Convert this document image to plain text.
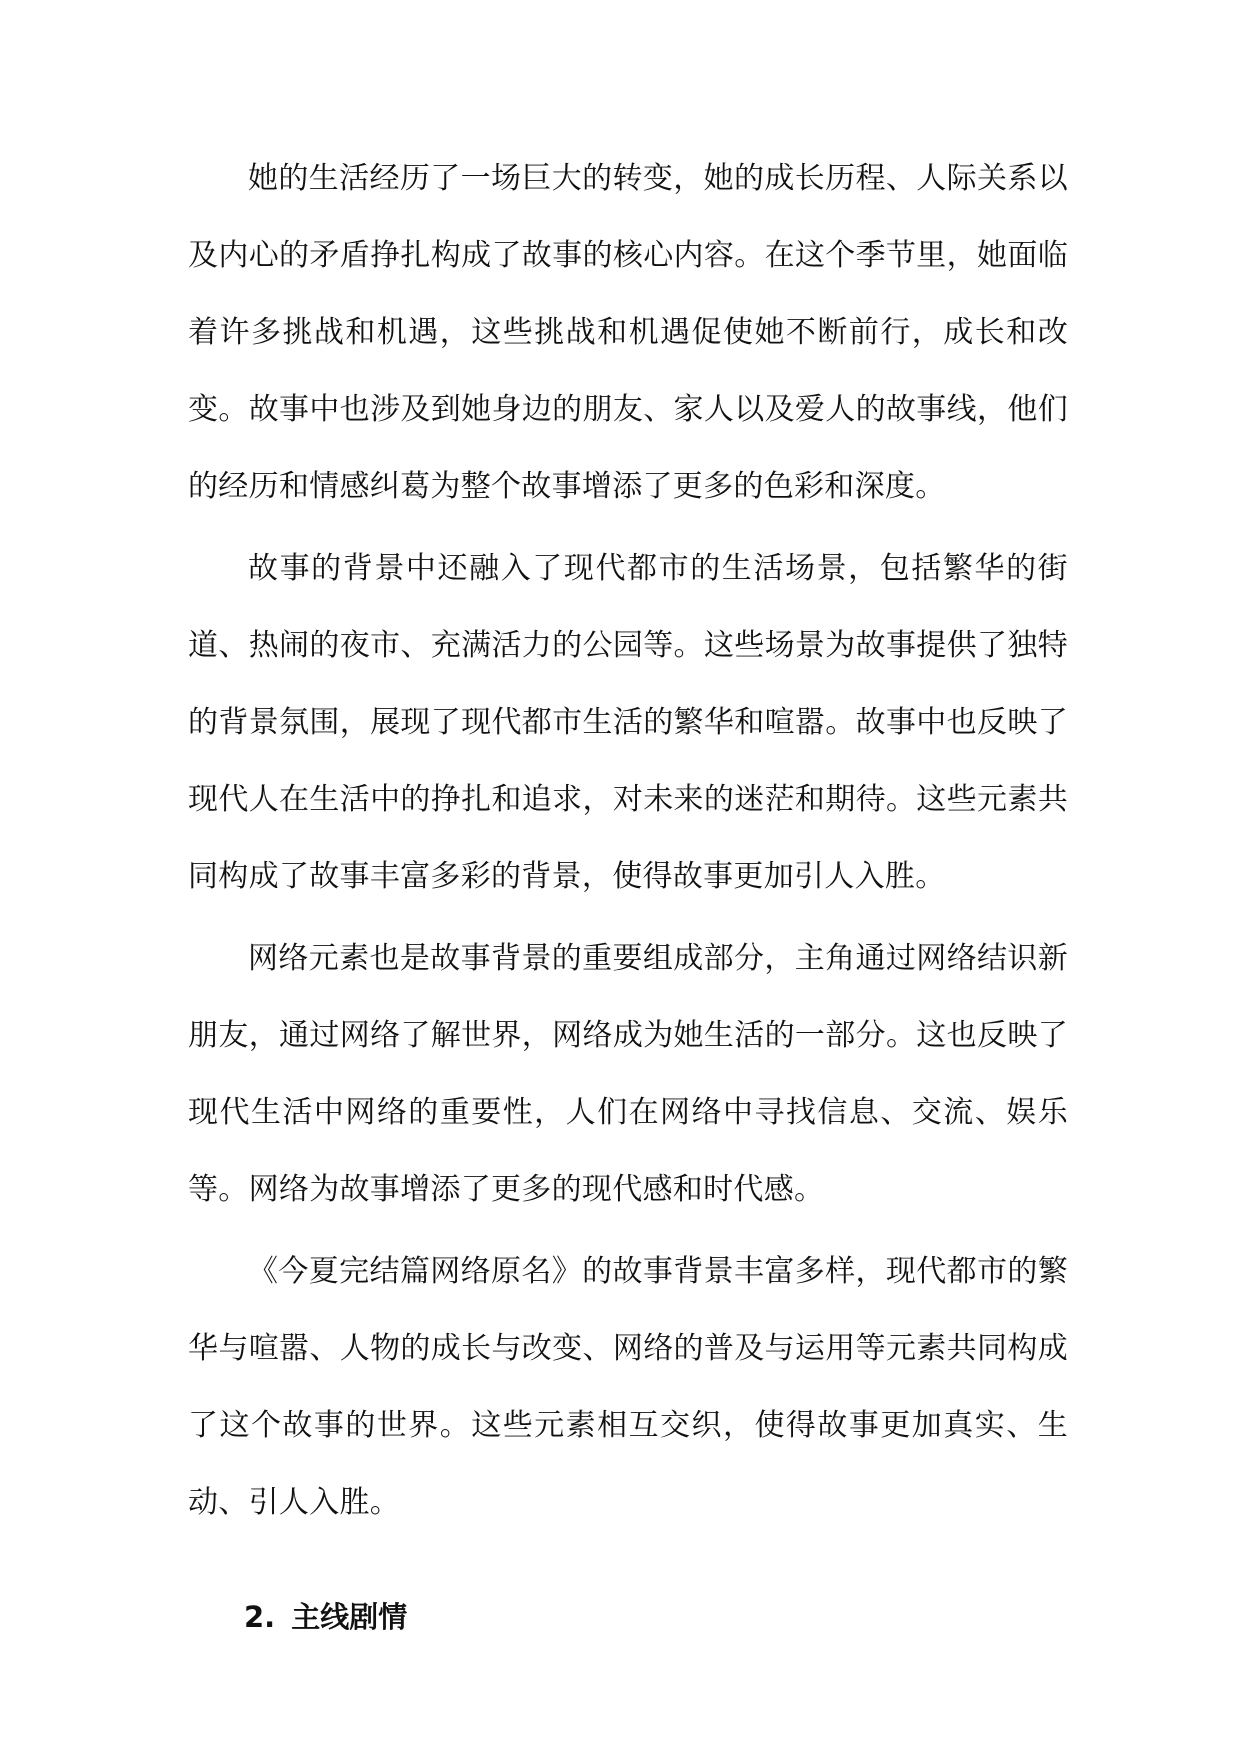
她的生活经历了一场巨大的转变，她的成长历程、人际关系以及内心的矛盾挣扎构成了故事的核心内容。在这个季节里，她面临着许多挑战和机遇，这些挑战和机遇促使她不断前行，成长和改变。故事中也涉及到她身边的朋友、家人以及爱人的故事线，他们的经历和情感纠葛为整个故事增添了更多的色彩和深度。

故事的背景中还融入了现代都市的生活场景，包括繁华的街道、热闹的夜市、充满活力的公园等。这些场景为故事提供了独特的背景氛围，展现了现代都市生活的繁华和喧嚣。故事中也反映了现代人在生活中的挣扎和追求，对未来的迷茫和期待。这些元素共同构成了故事丰富多彩的背景，使得故事更加引人入胜。

网络元素也是故事背景的重要组成部分，主角通过网络结识新朋友，通过网络了解世界，网络成为她生活的一部分。这也反映了现代生活中网络的重要性，人们在网络中寻找信息、交流、娱乐等。网络为故事增添了更多的现代感和时代感。

《今夏完结篇网络原名》的故事背景丰富多样，现代都市的繁华与喧嚣、人物的成长与改变、网络的普及与运用等元素共同构成了这个故事的世界。这些元素相互交织，使得故事更加真实、生动、引人入胜。

2. 主线剧情
